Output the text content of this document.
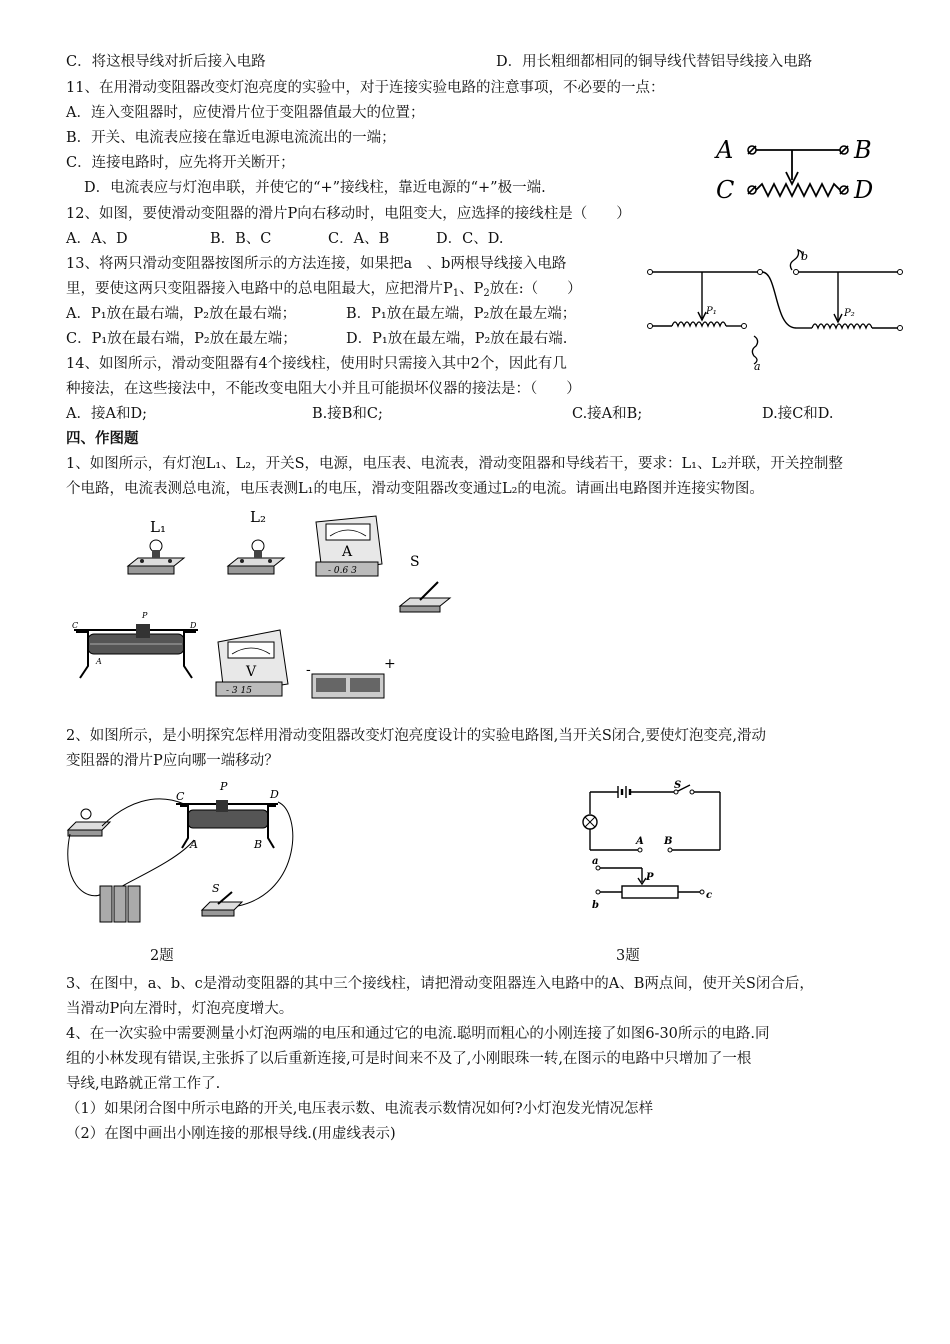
C．将这根导线对折后接入电路	D．用长粗细都相同的铜导线代替铝导线接入电路
11、在用滑动变阻器改变灯泡亮度的实验中，对于连接实验电路的注意事项，不必要的一点：
A．连入变阻器时，应使滑片位于变阻器值最大的位置；
B．开关、电流表应接在靠近电源电流流出的一端；
C．连接电路时，应先将开关断开；
D．电流表应与灯泡串联，并使它的“+”接线柱，靠近电源的“+”极一端.
A	B
C	D
12、如图，要使滑动变阻器的滑片P向右移动时，电阻变大，应选择的接线柱是（　　）
A．A、D	B．B、C	C．A、B	D．C、D.
13、将两只滑动变阻器按图所示的方法连接，如果把a　、b两根导线接入电路
里，要使这两只变阻器接入电路中的总电阻最大，应把滑片$P_1$、$P_2$放在:（　　）
A．P₁放在最右端，P₂放在最右端；	B．P₁放在最左端，P₂放在最左端；
C．P₁放在最右端，P₂放在最左端；	D．P₁放在最左端，P₂放在最右端.
b
a
P₁	P₂
14、如图所示，滑动变阻器有4个接线柱，使用时只需接入其中2个，因此有几
种接法，在这些接法中，不能改变电阻大小并且可能损坏仪器的接法是：（　　）
A．接A和D;	B.接B和C;	C.接A和B;	D.接C和D.
四、作图题
1、如图所示，有灯泡L₁、L₂，开关S，电源，电压表、电流表，滑动变阻器和导线若干，要求：L₁、L₂并联，开关控制整
个电路，电流表测总电流，电压表测L₁的电压，滑动变阻器改变通过L₂的电流。请画出电路图并连接实物图。
L₁
L₂
A
- 0.6 3
S
C
P
D
A
V
- 3 15
-	+
2、如图所示，是小明探究怎样用滑动变阻器改变灯泡亮度设计的实验电路图,当开关S闭合,要使灯泡变亮,滑动
变阻器的滑片P应向哪一端移动？
C
P
D
A	B
S
S
A B
a
b
c
P
2题	3题
3、在图中，a、b、c是滑动变阻器的其中三个接线柱，请把滑动变阻器连入电路中的A、B两点间，使开关S闭合后，
当滑动P向左滑时，灯泡亮度增大。
4、在一次实验中需要测量小灯泡两端的电压和通过它的电流.聪明而粗心的小刚连接了如图6-30所示的电路.同
组的小林发现有错误,主张拆了以后重新连接,可是时间来不及了,小刚眼珠一转,在图示的电路中只增加了一根
导线,电路就正常工作了.
（1）如果闭合图中所示电路的开关,电压表示数、电流表示数情况如何?小灯泡发光情况怎样
（2）在图中画出小刚连接的那根导线.(用虚线表示)
